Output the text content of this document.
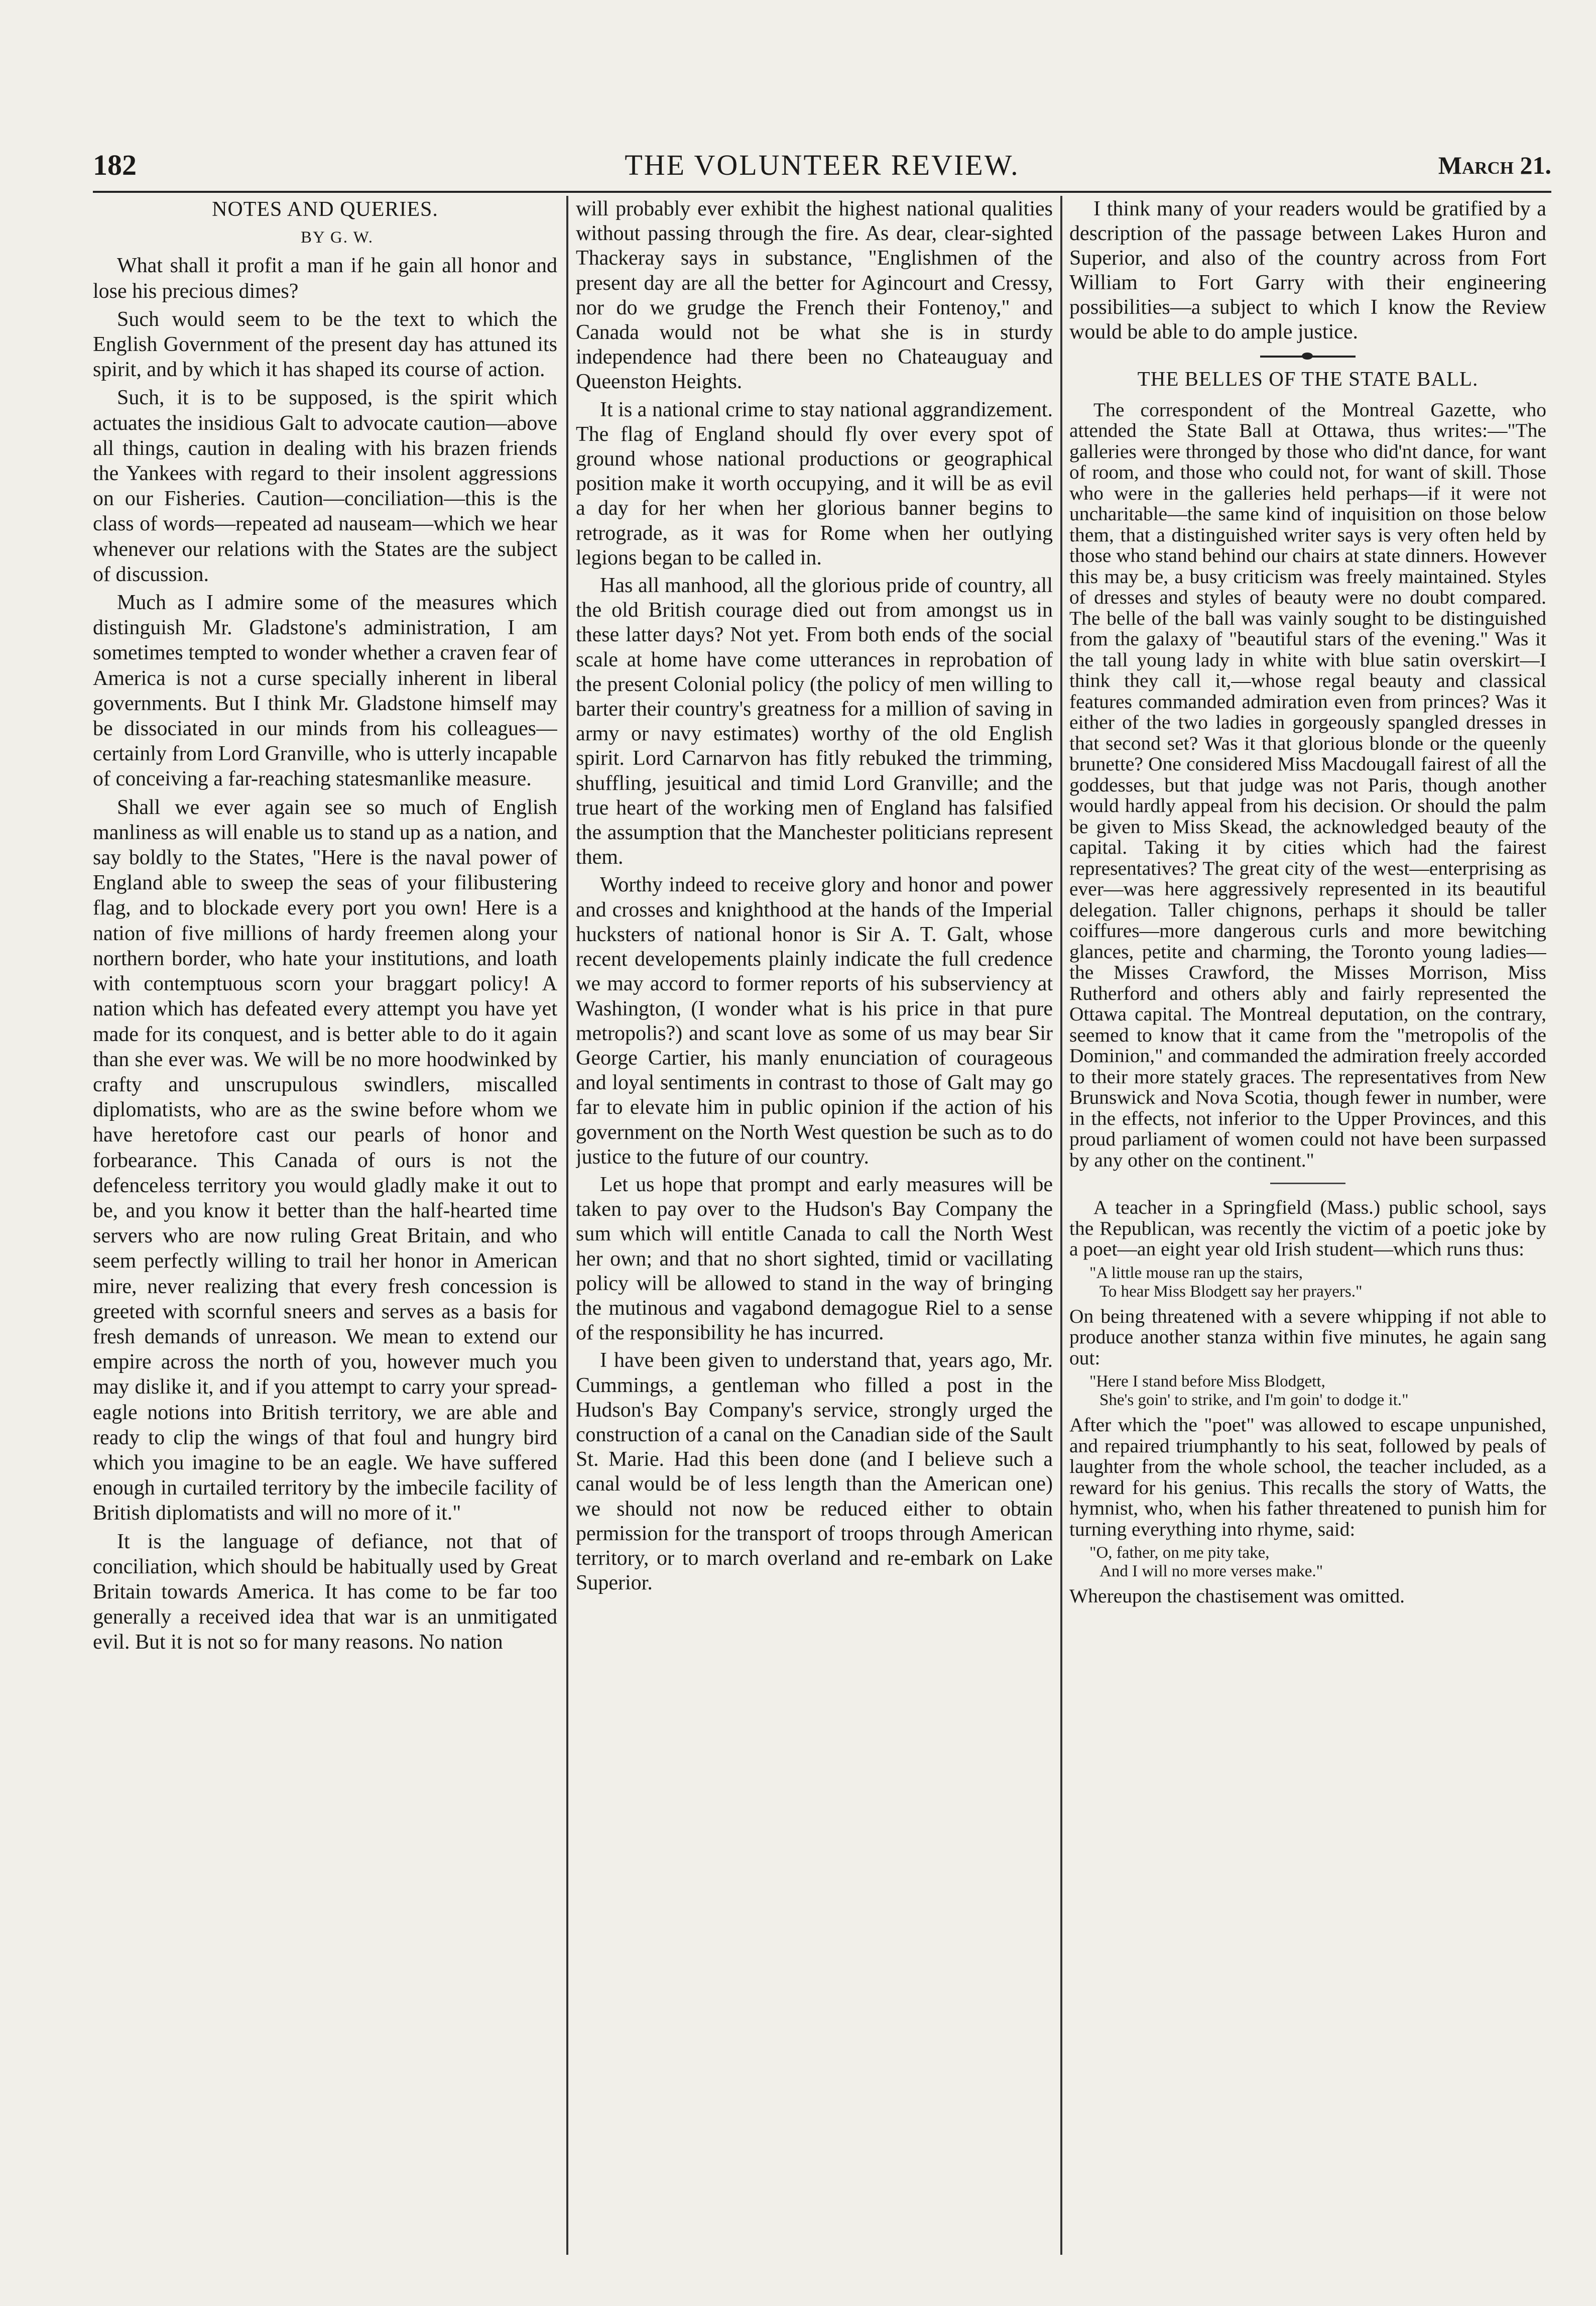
182	THE VOLUNTEER REVIEW.	March 21.

NOTES AND QUERIES.

BY G. W.

What shall it profit a man if he gain all honor and lose his precious dimes?

Such would seem to be the text to which the English Government of the present day has attuned its spirit, and by which it has shaped its course of action.

Such, it is to be supposed, is the spirit which actuates the insidious Galt to advocate caution—above all things, caution in dealing with his brazen friends the Yankees with regard to their insolent aggressions on our Fisheries. Caution—conciliation—this is the class of words—repeated ad nauseam—which we hear whenever our relations with the States are the subject of discussion.

Much as I admire some of the measures which distinguish Mr. Gladstone's administration, I am sometimes tempted to wonder whether a craven fear of America is not a curse specially inherent in liberal governments. But I think Mr. Gladstone himself may be dissociated in our minds from his colleagues—certainly from Lord Granville, who is utterly incapable of conceiving a far-reaching statesmanlike measure.

Shall we ever again see so much of English manliness as will enable us to stand up as a nation, and say boldly to the States, "Here is the naval power of England able to sweep the seas of your filibustering flag, and to blockade every port you own! Here is a nation of five millions of hardy freemen along your northern border, who hate your institutions, and loath with contemptuous scorn your braggart policy! A nation which has defeated every attempt you have yet made for its conquest, and is better able to do it again than she ever was. We will be no more hoodwinked by crafty and unscrupulous swindlers, miscalled diplomatists, who are as the swine before whom we have heretofore cast our pearls of honor and forbearance. This Canada of ours is not the defenceless territory you would gladly make it out to be, and you know it better than the half-hearted time servers who are now ruling Great Britain, and who seem perfectly willing to trail her honor in American mire, never realizing that every fresh concession is greeted with scornful sneers and serves as a basis for fresh demands of unreason. We mean to extend our empire across the north of you, however much you may dislike it, and if you attempt to carry your spread-eagle notions into British territory, we are able and ready to clip the wings of that foul and hungry bird which you imagine to be an eagle. We have suffered enough in curtailed territory by the imbecile facility of British diplomatists and will no more of it."

It is the language of defiance, not that of conciliation, which should be habitually used by Great Britain towards America. It has come to be far too generally a received idea that war is an unmitigated evil. But it is not so for many reasons. No nation

will probably ever exhibit the highest national qualities without passing through the fire. As dear, clear-sighted Thackeray says in substance, "Englishmen of the present day are all the better for Agincourt and Cressy, nor do we grudge the French their Fontenoy," and Canada would not be what she is in sturdy independence had there been no Chateauguay and Queenston Heights.

It is a national crime to stay national aggrandizement. The flag of England should fly over every spot of ground whose national productions or geographical position make it worth occupying, and it will be as evil a day for her when her glorious banner begins to retrograde, as it was for Rome when her outlying legions began to be called in.

Has all manhood, all the glorious pride of country, all the old British courage died out from amongst us in these latter days? Not yet. From both ends of the social scale at home have come utterances in reprobation of the present Colonial policy (the policy of men willing to barter their country's greatness for a million of saving in army or navy estimates) worthy of the old English spirit. Lord Carnarvon has fitly rebuked the trimming, shuffling, jesuitical and timid Lord Granville; and the true heart of the working men of England has falsified the assumption that the Manchester politicians represent them.

Worthy indeed to receive glory and honor and power and crosses and knighthood at the hands of the Imperial hucksters of national honor is Sir A. T. Galt, whose recent developements plainly indicate the full credence we may accord to former reports of his subserviency at Washington, (I wonder what is his price in that pure metropolis?) and scant love as some of us may bear Sir George Cartier, his manly enunciation of courageous and loyal sentiments in contrast to those of Galt may go far to elevate him in public opinion if the action of his government on the North West question be such as to do justice to the future of our country.

Let us hope that prompt and early measures will be taken to pay over to the Hudson's Bay Company the sum which will entitle Canada to call the North West her own; and that no short sighted, timid or vacillating policy will be allowed to stand in the way of bringing the mutinous and vagabond demagogue Riel to a sense of the responsibility he has incurred.

I have been given to understand that, years ago, Mr. Cummings, a gentleman who filled a post in the Hudson's Bay Company's service, strongly urged the construction of a canal on the Canadian side of the Sault St. Marie. Had this been done (and I believe such a canal would be of less length than the American one) we should not now be reduced either to obtain permission for the transport of troops through American territory, or to march overland and re-embark on Lake Superior.

I think many of your readers would be gratified by a description of the passage between Lakes Huron and Superior, and also of the country across from Fort William to Fort Garry with their engineering possibilities—a subject to which I know the Review would be able to do ample justice.

THE BELLES OF THE STATE BALL.

The correspondent of the Montreal Gazette, who attended the State Ball at Ottawa, thus writes:—"The galleries were thronged by those who did'nt dance, for want of room, and those who could not, for want of skill. Those who were in the galleries held perhaps—if it were not uncharitable—the same kind of inquisition on those below them, that a distinguished writer says is very often held by those who stand behind our chairs at state dinners. However this may be, a busy criticism was freely maintained. Styles of dresses and styles of beauty were no doubt compared. The belle of the ball was vainly sought to be distinguished from the galaxy of "beautiful stars of the evening." Was it the tall young lady in white with blue satin overskirt—I think they call it,—whose regal beauty and classical features commanded admiration even from princes? Was it either of the two ladies in gorgeously spangled dresses in that second set? Was it that glorious blonde or the queenly brunette? One considered Miss Macdougall fairest of all the goddesses, but that judge was not Paris, though another would hardly appeal from his decision. Or should the palm be given to Miss Skead, the acknowledged beauty of the capital. Taking it by cities which had the fairest representatives? The great city of the west—enterprising as ever—was here aggressively represented in its beautiful delegation. Taller chignons, perhaps it should be taller coiffures—more dangerous curls and more bewitching glances, petite and charming, the Toronto young ladies—the Misses Crawford, the Misses Morrison, Miss Rutherford and others ably and fairly represented the Ottawa capital. The Montreal deputation, on the contrary, seemed to know that it came from the "metropolis of the Dominion," and commanded the admiration freely accorded to their more stately graces. The representatives from New Brunswick and Nova Scotia, though fewer in number, were in the effects, not inferior to the Upper Provinces, and this proud parliament of women could not have been surpassed by any other on the continent."

A teacher in a Springfield (Mass.) public school, says the Republican, was recently the victim of a poetic joke by a poet—an eight year old Irish student—which runs thus:

"A little mouse ran up the stairs,
To hear Miss Blodgett say her prayers."

On being threatened with a severe whipping if not able to produce another stanza within five minutes, he again sang out:

"Here I stand before Miss Blodgett,
She's goin' to strike, and I'm goin' to dodge it."

After which the "poet" was allowed to escape unpunished, and repaired triumphantly to his seat, followed by peals of laughter from the whole school, the teacher included, as a reward for his genius. This recalls the story of Watts, the hymnist, who, when his father threatened to punish him for turning everything into rhyme, said:

"O, father, on me pity take,
And I will no more verses make."

Whereupon the chastisement was omitted.
